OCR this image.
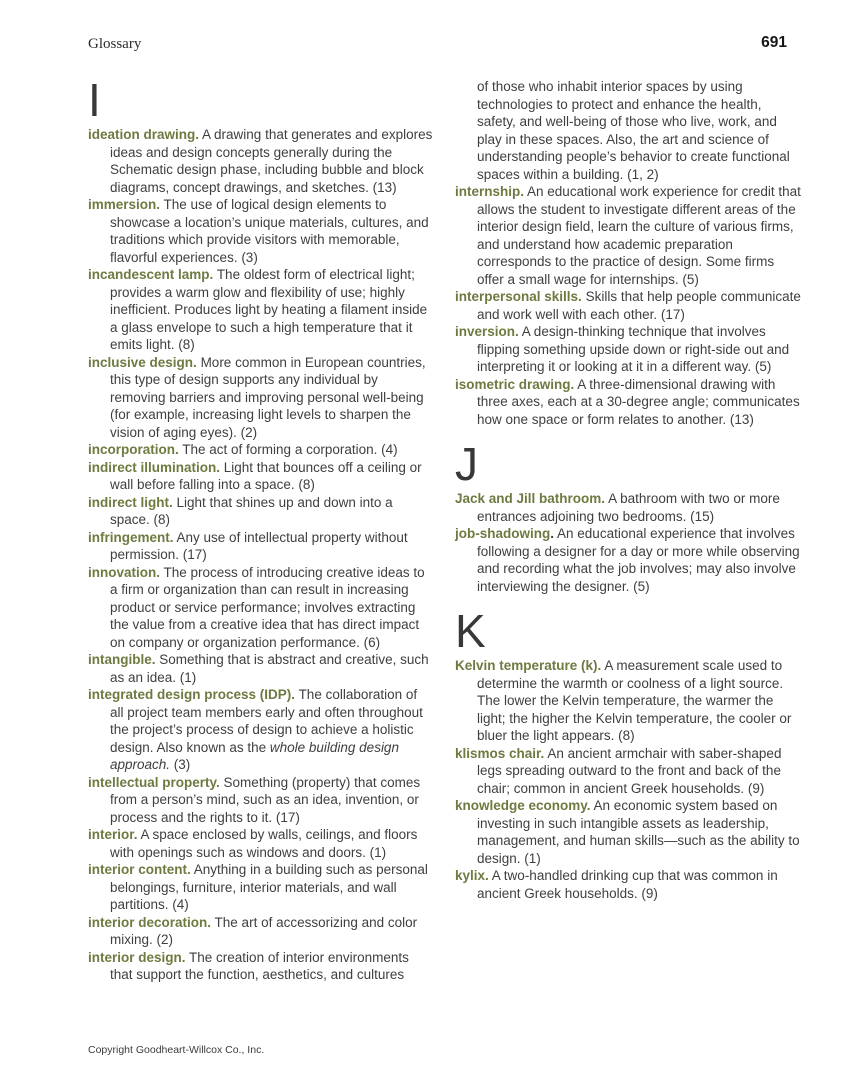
Glossary	691
I

ideation drawing. A drawing that generates and explores ideas and design concepts generally during the Schematic design phase, including bubble and block diagrams, concept drawings, and sketches. (13)

immersion. The use of logical design elements to showcase a location’s unique materials, cultures, and traditions which provide visitors with memorable, flavorful experiences. (3)

incandescent lamp. The oldest form of electrical light; provides a warm glow and flexibility of use; highly inefficient. Produces light by heating a filament inside a glass envelope to such a high temperature that it emits light. (8)

inclusive design. More common in European countries, this type of design supports any individual by removing barriers and improving personal well-being (for example, increasing light levels to sharpen the vision of aging eyes). (2)

incorporation. The act of forming a corporation. (4)

indirect illumination. Light that bounces off a ceiling or wall before falling into a space. (8)

indirect light. Light that shines up and down into a space. (8)

infringement. Any use of intellectual property without permission. (17)

innovation. The process of introducing creative ideas to a firm or organization than can result in increasing product or service performance; involves extracting the value from a creative idea that has direct impact on company or organization performance. (6)

intangible. Something that is abstract and creative, such as an idea. (1)

integrated design process (IDP). The collaboration of all project team members early and often throughout the project’s process of design to achieve a holistic design. Also known as the whole building design approach. (3)

intellectual property. Something (property) that comes from a person’s mind, such as an idea, invention, or process and the rights to it. (17)

interior. A space enclosed by walls, ceilings, and floors with openings such as windows and doors. (1)

interior content. Anything in a building such as personal belongings, furniture, interior materials, and wall partitions. (4)

interior decoration. The art of accessorizing and color mixing. (2)

interior design. The creation of interior environments that support the function, aesthetics, and cultures

of those who inhabit interior spaces by using technologies to protect and enhance the health, safety, and well-being of those who live, work, and play in these spaces. Also, the art and science of understanding people’s behavior to create functional spaces within a building. (1, 2)

internship. An educational work experience for credit that allows the student to investigate different areas of the interior design field, learn the culture of various firms, and understand how academic preparation corresponds to the practice of design. Some firms offer a small wage for internships. (5)

interpersonal skills. Skills that help people communicate and work well with each other. (17)

inversion. A design-thinking technique that involves flipping something upside down or right-side out and interpreting it or looking at it in a different way. (5)

isometric drawing. A three-dimensional drawing with three axes, each at a 30-degree angle; communicates how one space or form relates to another. (13)

J

Jack and Jill bathroom. A bathroom with two or more entrances adjoining two bedrooms. (15)

job-shadowing. An educational experience that involves following a designer for a day or more while observing and recording what the job involves; may also involve interviewing the designer. (5)

K

Kelvin temperature (k). A measurement scale used to determine the warmth or coolness of a light source. The lower the Kelvin temperature, the warmer the light; the higher the Kelvin temperature, the cooler or bluer the light appears. (8)

klismos chair. An ancient armchair with saber-shaped legs spreading outward to the front and back of the chair; common in ancient Greek households. (9)

knowledge economy. An economic system based on investing in such intangible assets as leadership, management, and human skills—such as the ability to design. (1)

kylix. A two-handled drinking cup that was common in ancient Greek households. (9)

Copyright Goodheart-Willcox Co., Inc.
